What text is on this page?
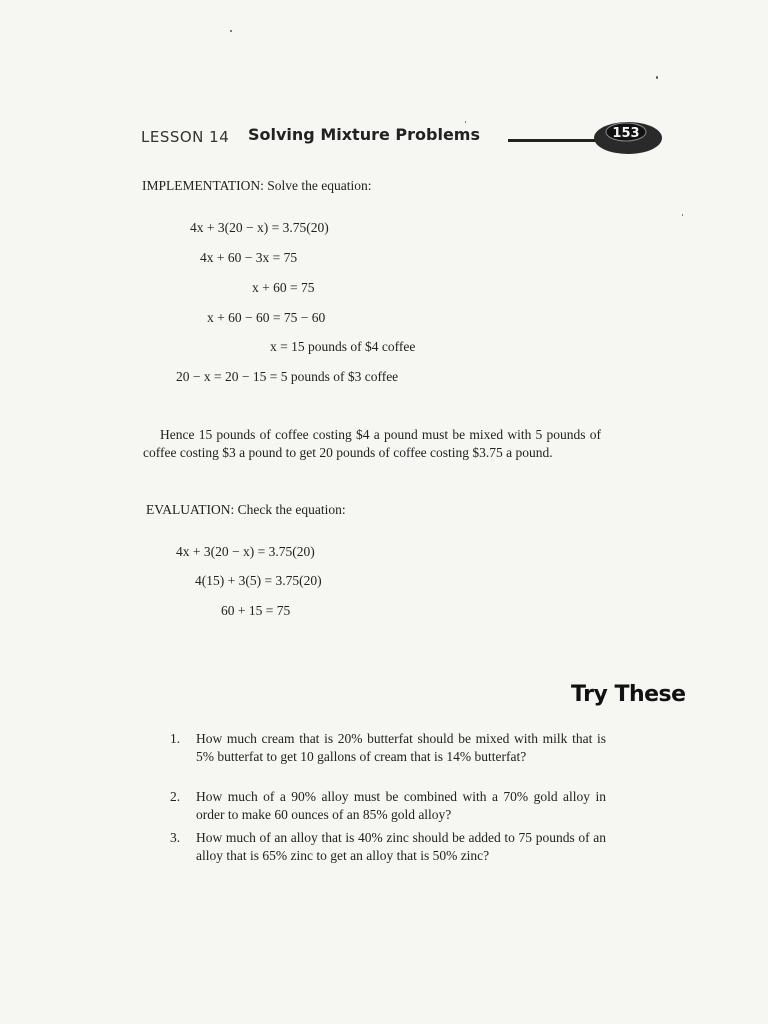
LESSON 14 Solving Mixture Problems	153
IMPLEMENTATION: Solve the equation:
4x + 3(20 − x) = 3.75(20)
4x + 60 − 3x = 75
x + 60 = 75
x + 60 − 60 = 75 − 60
x = 15 pounds of $4 coffee
20 − x = 20 − 15 = 5 pounds of $3 coffee
Hence 15 pounds of coffee costing $4 a pound must be mixed with 5 pounds of coffee costing $3 a pound to get 20 pounds of coffee costing $3.75 a pound.
EVALUATION: Check the equation:
4x + 3(20 − x) = 3.75(20)
4(15) + 3(5) = 3.75(20)
60 + 15 = 75
Try These
1. How much cream that is 20% butterfat should be mixed with milk that is 5% butterfat to get 10 gallons of cream that is 14% butterfat?
2. How much of a 90% alloy must be combined with a 70% gold alloy in order to make 60 ounces of an 85% gold alloy?
3. How much of an alloy that is 40% zinc should be added to 75 pounds of an alloy that is 65% zinc to get an alloy that is 50% zinc?
